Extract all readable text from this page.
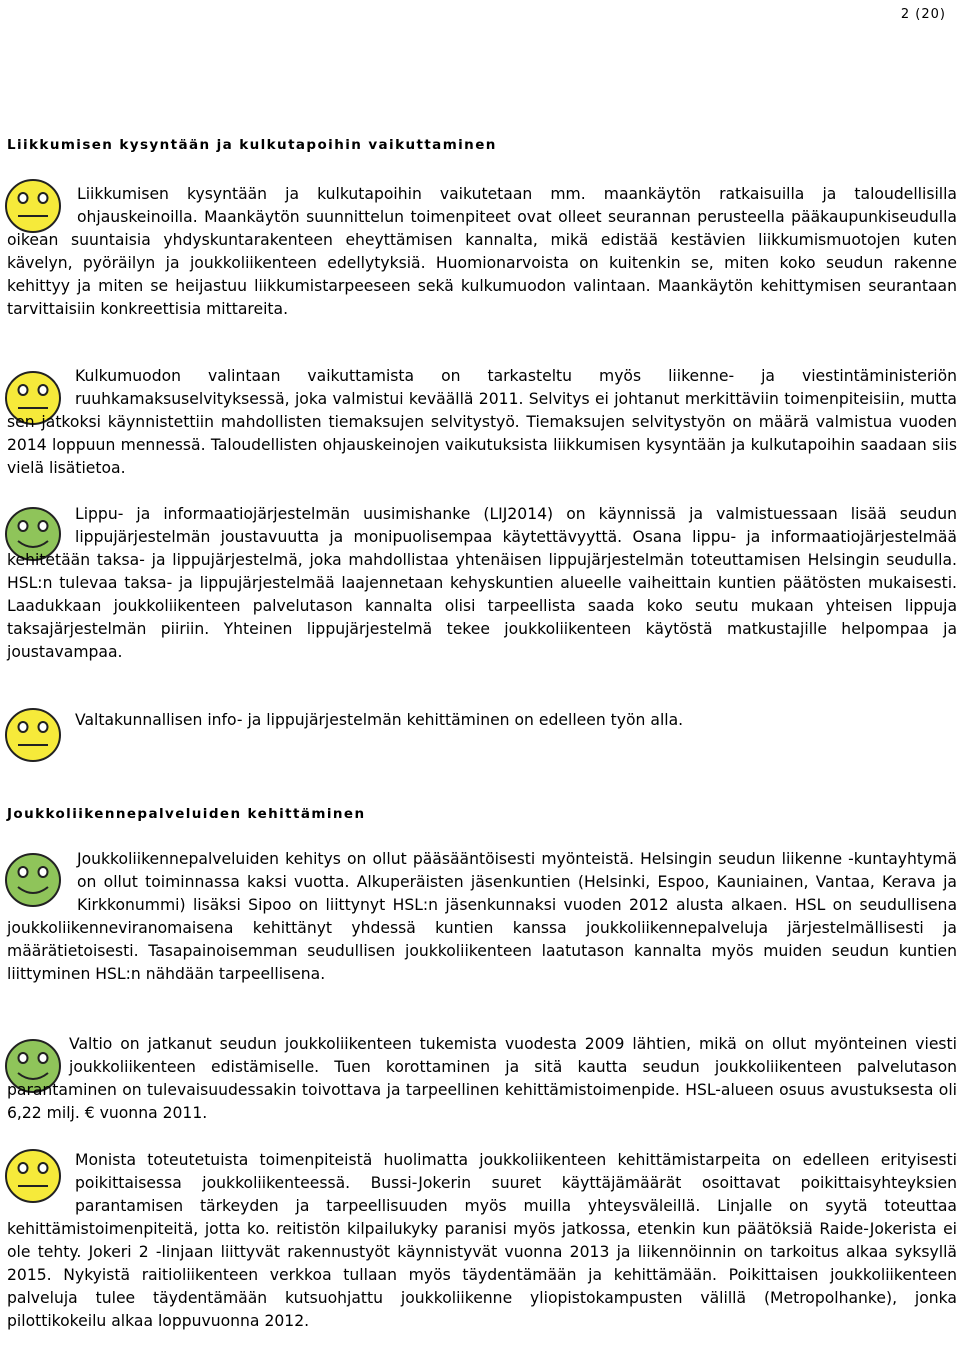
2 (20)
Liikkumisen kysyntään ja kulkutapoihin vaikuttaminen

Liikkumisen kysyntään ja kulkutapoihin vaikutetaan mm. maankäytön ratkaisuilla ja taloudellisilla ohjauskeinoilla. Maankäytön suunnittelun toimenpiteet ovat olleet seurannan perusteella pääkaupunkiseudulla oikean suuntaisia yhdyskuntarakenteen eheyttämisen kannalta, mikä edistää kestävien liikkumismuotojen kuten kävelyn, pyöräilyn ja joukkoliikenteen edellytyksiä. Huomionarvoista on kuitenkin se, miten koko seudun rakenne kehittyy ja miten se heijastuu liikkumistarpeeseen sekä kulkumuodon valintaan. Maankäytön kehittymisen seurantaan tarvittaisiin konkreettisia mittareita.

Kulkumuodon valintaan vaikuttamista on tarkasteltu myös liikenne- ja viestintäministeriön ruuhkamaksuselvityksessä, joka valmistui keväällä 2011. Selvitys ei johtanut merkittäviin toimenpiteisiin, mutta sen jatkoksi käynnistettiin mahdollisten tiemaksujen selvitystyö. Tiemaksujen selvitystyön on määrä valmistua vuoden 2014 loppuun mennessä. Taloudellisten ohjauskeinojen vaikutuksista liikkumisen kysyntään ja kulkutapoihin saadaan siis vielä lisätietoa.

Lippu- ja informaatiojärjestelmän uusimishanke (LIJ2014) on käynnissä ja valmistuessaan lisää seudun lippujärjestelmän joustavuutta ja monipuolisempaa käytettävyyttä. Osana lippu- ja informaatiojärjestelmää kehitetään taksa- ja lippujärjestelmä, joka mahdollistaa yhtenäisen lippujärjestelmän toteuttamisen Helsingin seudulla. HSL:n tulevaa taksa- ja lippujärjestelmää laajennetaan kehyskuntien alueelle vaiheittain kuntien päätösten mukaisesti. Laadukkaan joukkoliikenteen palvelutason kannalta olisi tarpeellista saada koko seutu mukaan yhteisen lippuja taksajärjestelmän piiriin. Yhteinen lippujärjestelmä tekee joukkoliikenteen käytöstä matkustajille helpompaa ja joustavampaa.

Valtakunnallisen info- ja lippujärjestelmän kehittäminen on edelleen työn alla.

Joukkoliikennepalveluiden kehittäminen

Joukkoliikennepalveluiden kehitys on ollut pääsääntöisesti myönteistä. Helsingin seudun liikenne -kuntayhtymä on ollut toiminnassa kaksi vuotta. Alkuperäisten jäsenkuntien (Helsinki, Espoo, Kauniainen, Vantaa, Kerava ja Kirkkonummi) lisäksi Sipoo on liittynyt HSL:n jäsenkunnaksi vuoden 2012 alusta alkaen. HSL on seudullisena joukkoliikenneviranomaisena kehittänyt yhdessä kuntien kanssa joukkoliikennepalveluja järjestelmällisesti ja määrätietoisesti. Tasapainoisemman seudullisen joukkoliikenteen laatutason kannalta myös muiden seudun kuntien liittyminen HSL:n nähdään tarpeellisena.

Valtio on jatkanut seudun joukkoliikenteen tukemista vuodesta 2009 lähtien, mikä on ollut myönteinen viesti joukkoliikenteen edistämiselle. Tuen korottaminen ja sitä kautta seudun joukkoliikenteen palvelutason parantaminen on tulevaisuudessakin toivottava ja tarpeellinen kehittämistoimenpide. HSL-alueen osuus avustuksesta oli 6,22 milj. € vuonna 2011.

Monista toteutetuista toimenpiteistä huolimatta joukkoliikenteen kehittämistarpeita on edelleen erityisesti poikittaisessa joukkoliikenteessä. Bussi-Jokerin suuret käyttäjämäärät osoittavat poikittaisyhteyksien parantamisen tärkeyden ja tarpeellisuuden myös muilla yhteysväleillä. Linjalle on syytä toteuttaa kehittämistoimenpiteitä, jotta ko. reitistön kilpailukyky paranisi myös jatkossa, etenkin kun päätöksiä Raide-Jokerista ei ole tehty. Jokeri 2 -linjaan liittyvät rakennustyöt käynnistyvät vuonna 2013 ja liikennöinnin on tarkoitus alkaa syksyllä 2015. Nykyistä raitioliikenteen verkkoa tullaan myös täydentämään ja kehittämään. Poikittaisen joukkoliikenteen palveluja tulee täydentämään kutsuohjattu joukkoliikenne yliopistokampusten välillä (Metropolhanke), jonka pilottikokeilu alkaa loppuvuonna 2012.
